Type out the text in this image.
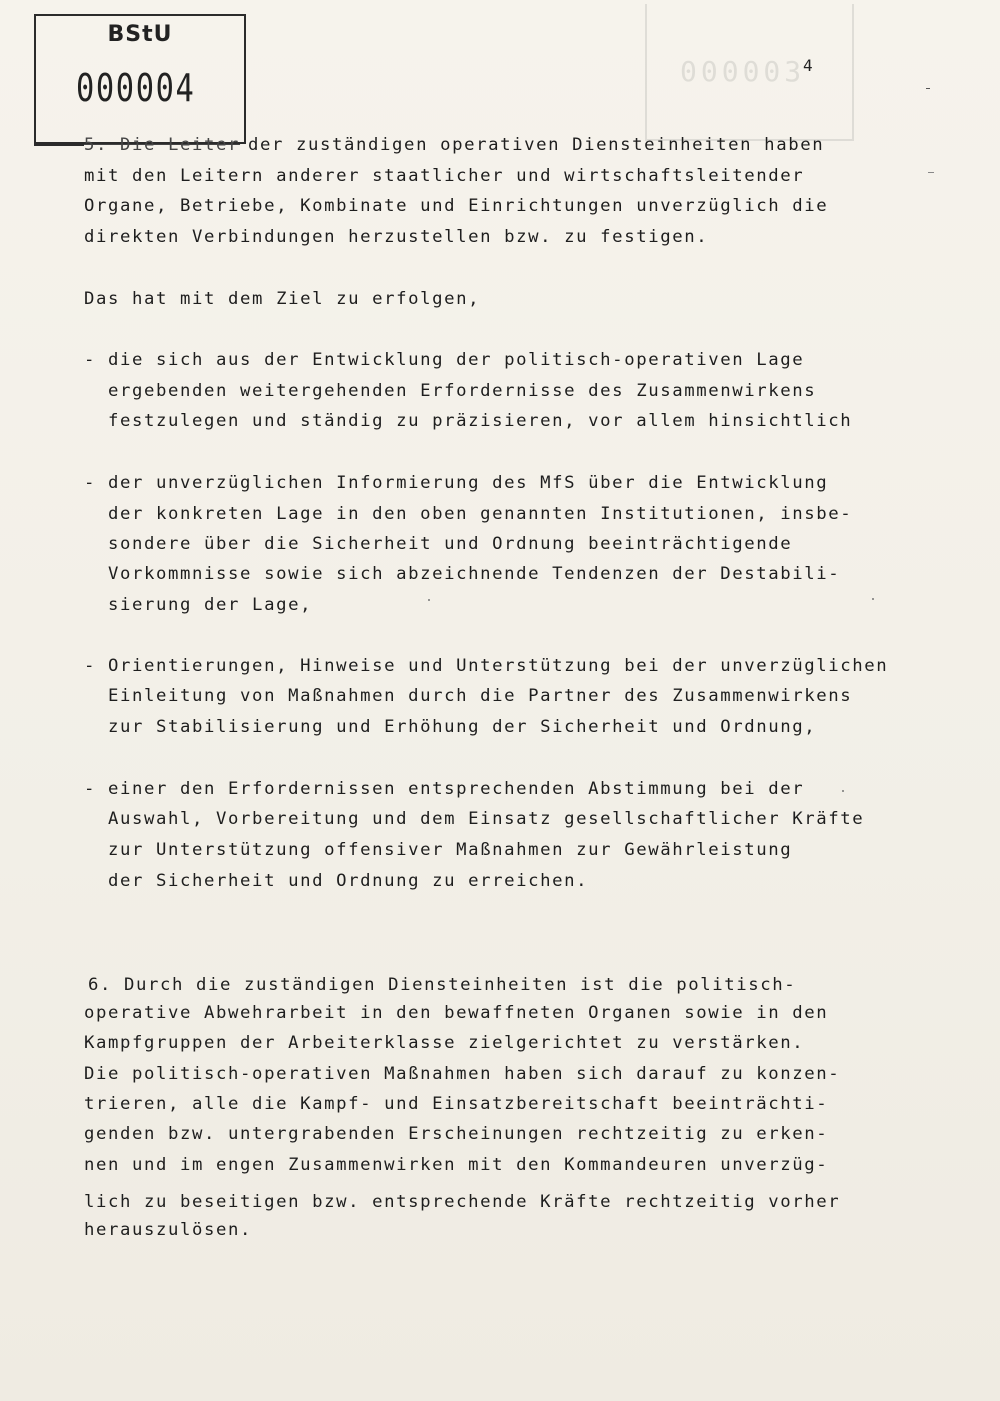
000003
BStU
000004
4
5. Die Leiter
der zuständigen operativen Diensteinheiten haben
mit den Leitern anderer staatlicher und wirtschaftsleitender
Organe, Betriebe, Kombinate und Einrichtungen unverzüglich die
direkten Verbindungen herzustellen bzw. zu festigen.
Das hat mit dem Ziel zu erfolgen,
- die sich aus der Entwicklung der politisch-operativen Lage
ergebenden weitergehenden Erfordernisse des Zusammenwirkens
festzulegen und ständig zu präzisieren, vor allem hinsichtlich
- der unverzüglichen Informierung des MfS über die Entwicklung
der konkreten Lage in den oben genannten Institutionen, insbe-
sondere über die Sicherheit und Ordnung beeinträchtigende
Vorkommnisse sowie sich abzeichnende Tendenzen der Destabili-
sierung der Lage,
- Orientierungen, Hinweise und Unterstützung bei der unverzüglichen
Einleitung von Maßnahmen durch die Partner des Zusammenwirkens
zur Stabilisierung und Erhöhung der Sicherheit und Ordnung,
- einer den Erfordernissen entsprechenden Abstimmung bei der
Auswahl, Vorbereitung und dem Einsatz gesellschaftlicher Kräfte
zur Unterstützung offensiver Maßnahmen zur Gewährleistung
der Sicherheit und Ordnung zu erreichen.
6. Durch die zuständigen Diensteinheiten ist die politisch-
operative Abwehrarbeit in den bewaffneten Organen sowie in den
Kampfgruppen der Arbeiterklasse zielgerichtet zu verstärken.
Die politisch-operativen Maßnahmen haben sich darauf zu konzen-
trieren, alle die Kampf- und Einsatzbereitschaft beeinträchti-
genden bzw. untergrabenden Erscheinungen rechtzeitig zu erken-
nen und im engen Zusammenwirken mit den Kommandeuren unverzüg-
lich zu beseitigen bzw. entsprechende Kräfte rechtzeitig vorher
herauszulösen.
